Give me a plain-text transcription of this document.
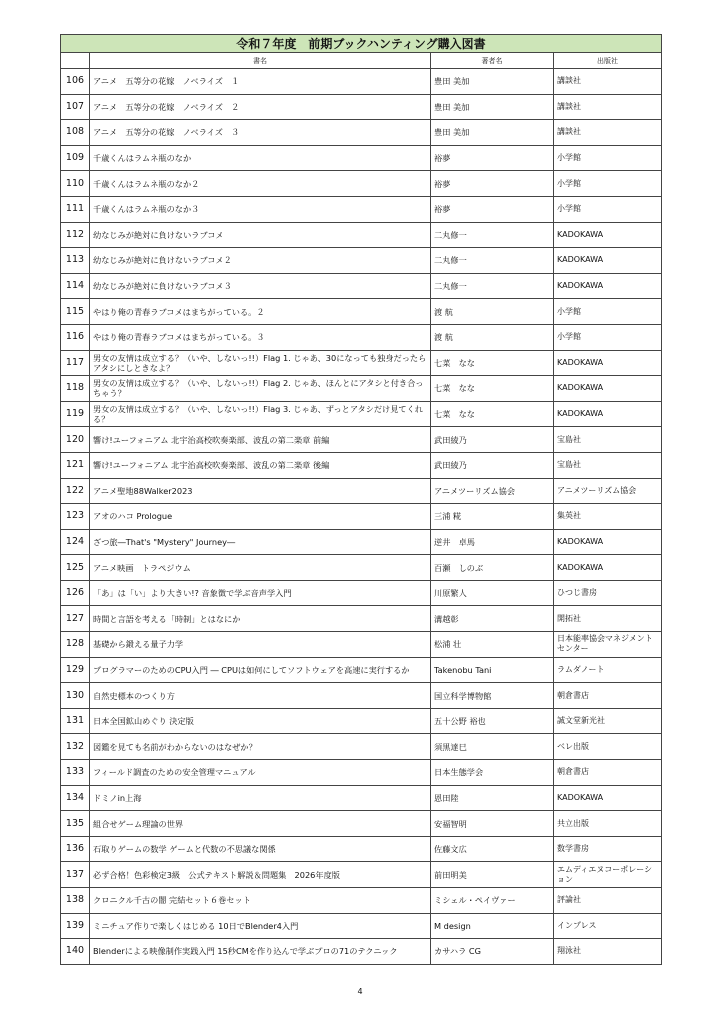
令和７年度　前期ブックハンティング購入図書			
	書名	著者名	出版社
106	アニメ　五等分の花嫁　ノベライズ　１	豊田 美加	講談社
107	アニメ　五等分の花嫁　ノベライズ　２	豊田 美加	講談社
108	アニメ　五等分の花嫁　ノベライズ　３	豊田 美加	講談社
109	千歳くんはラムネ瓶のなか	裕夢	小学館
110	千歳くんはラムネ瓶のなか２	裕夢	小学館
111	千歳くんはラムネ瓶のなか３	裕夢	小学館
112	幼なじみが絶対に負けないラブコメ	二丸修一	KADOKAWA
113	幼なじみが絶対に負けないラブコメ２	二丸修一	KADOKAWA
114	幼なじみが絶対に負けないラブコメ３	二丸修一	KADOKAWA
115	やはり俺の青春ラブコメはまちがっている。２	渡 航	小学館
116	やはり俺の青春ラブコメはまちがっている。３	渡 航	小学館
117	男女の友情は成立する？（いや、しないっ!!）Flag 1. じゃあ、30になっても独身だったらアタシにしときなよ？	七菜　なな	KADOKAWA
118	男女の友情は成立する？（いや、しないっ!!）Flag 2. じゃあ、ほんとにアタシと付き合っちゃう？	七菜　なな	KADOKAWA
119	男女の友情は成立する？（いや、しないっ!!）Flag 3. じゃあ、ずっとアタシだけ見てくれる？	七菜　なな	KADOKAWA
120	響け!ユーフォニアム 北宇治高校吹奏楽部、波乱の第二楽章 前編	武田綾乃	宝島社
121	響け!ユーフォニアム 北宇治高校吹奏楽部、波乱の第二楽章 後編	武田綾乃	宝島社
122	アニメ聖地88Walker2023	アニメツーリズム協会	アニメツーリズム協会
123	アオのハコ Prologue	三浦 糀	集英社
124	ざつ旅―That's "Mystery" Journey―	逆井　卓馬	KADOKAWA
125	アニメ映画　トラペジウム	百瀬　しのぶ	KADOKAWA
126	「あ」は「い」より大きい!? 音象徴で学ぶ音声学入門	川原繁人	ひつじ書房
127	時間と言語を考える「時制」とはなにか	溝越彰	開拓社
128	基礎から鍛える量子力学	松浦 壮	日本能率協会マネジメントセンター
129	プログラマーのためのCPU入門 ― CPUは如何にしてソフトウェアを高速に実行するか	Takenobu Tani	ラムダノート
130	自然史標本のつくり方	国立科学博物館	朝倉書店
131	日本全国鉱山めぐり 決定版	五十公野 裕也	誠文堂新光社
132	図鑑を見ても名前がわからないのはなぜか？	須黒達巳	ベレ出版
133	フィールド調査のための安全管理マニュアル	日本生態学会	朝倉書店
134	ドミノin上海	恩田陸	KADOKAWA
135	組合せゲーム理論の世界	安福智明	共立出版
136	石取りゲームの数学 ゲームと代数の不思議な関係	佐藤文広	数学書房
137	必ず合格！色彩検定3級　公式テキスト解説＆問題集　2026年度版	前田明美	エムディエヌコーポレーション
138	クロニクル千古の闇 完結セット６巻セット	ミシェル・ペイヴァー	評論社
139	ミニチュア作りで楽しくはじめる 10日でBlender4入門	M design	インプレス
140	Blenderによる映像制作実践入門 15秒CMを作り込んで学ぶプロの71のテクニック	カサハラ CG	翔泳社
4
